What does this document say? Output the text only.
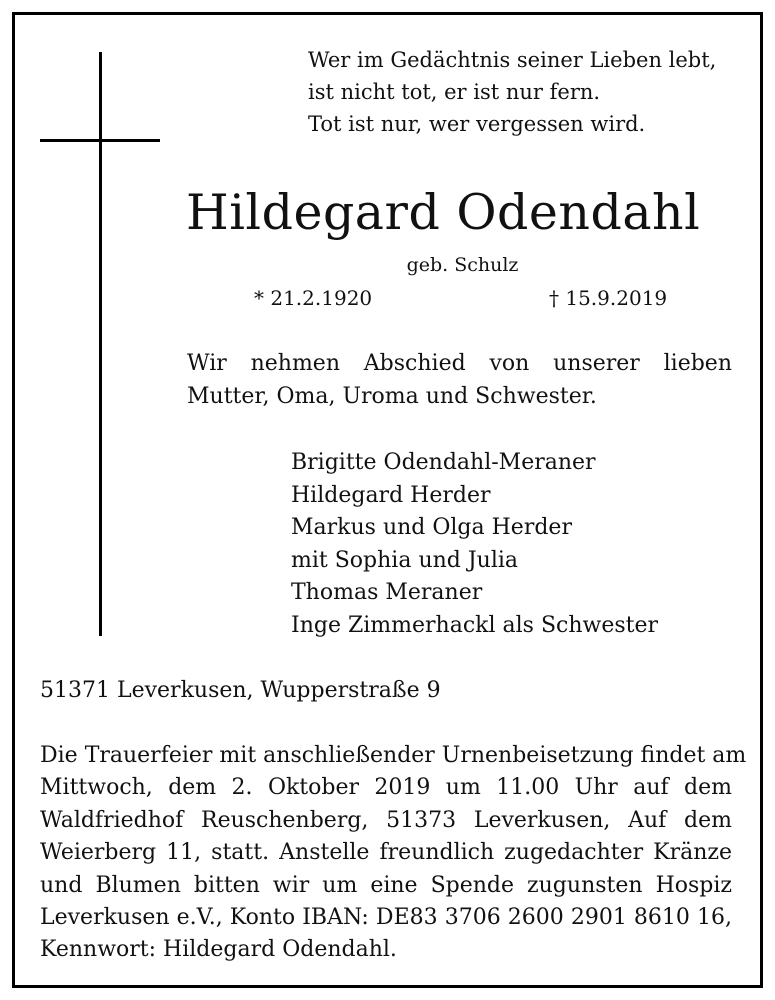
Wer im Gedächtnis seiner Lieben lebt,
ist nicht tot, er ist nur fern.
Tot ist nur, wer vergessen wird.
Hildegard Odendahl
geb. Schulz
* 21.2.1920	† 15.9.2019
Wir nehmen Abschied von unserer lieben
Mutter, Oma, Uroma und Schwester.
Brigitte Odendahl-Meraner
Hildegard Herder
Markus und Olga Herder
mit Sophia und Julia
Thomas Meraner
Inge Zimmerhackl als Schwester
51371 Leverkusen, Wupperstraße 9
Die Trauerfeier mit anschließender Urnenbeisetzung findet am
Mittwoch, dem 2. Oktober 2019 um 11.00 Uhr auf dem
Waldfriedhof Reuschenberg, 51373 Leverkusen, Auf dem
Weierberg 11, statt. Anstelle freundlich zugedachter Kränze
und Blumen bitten wir um eine Spende zugunsten Hospiz
Leverkusen e.V., Konto IBAN: DE83 3706 2600 2901 8610 16,
Kennwort: Hildegard Odendahl.
